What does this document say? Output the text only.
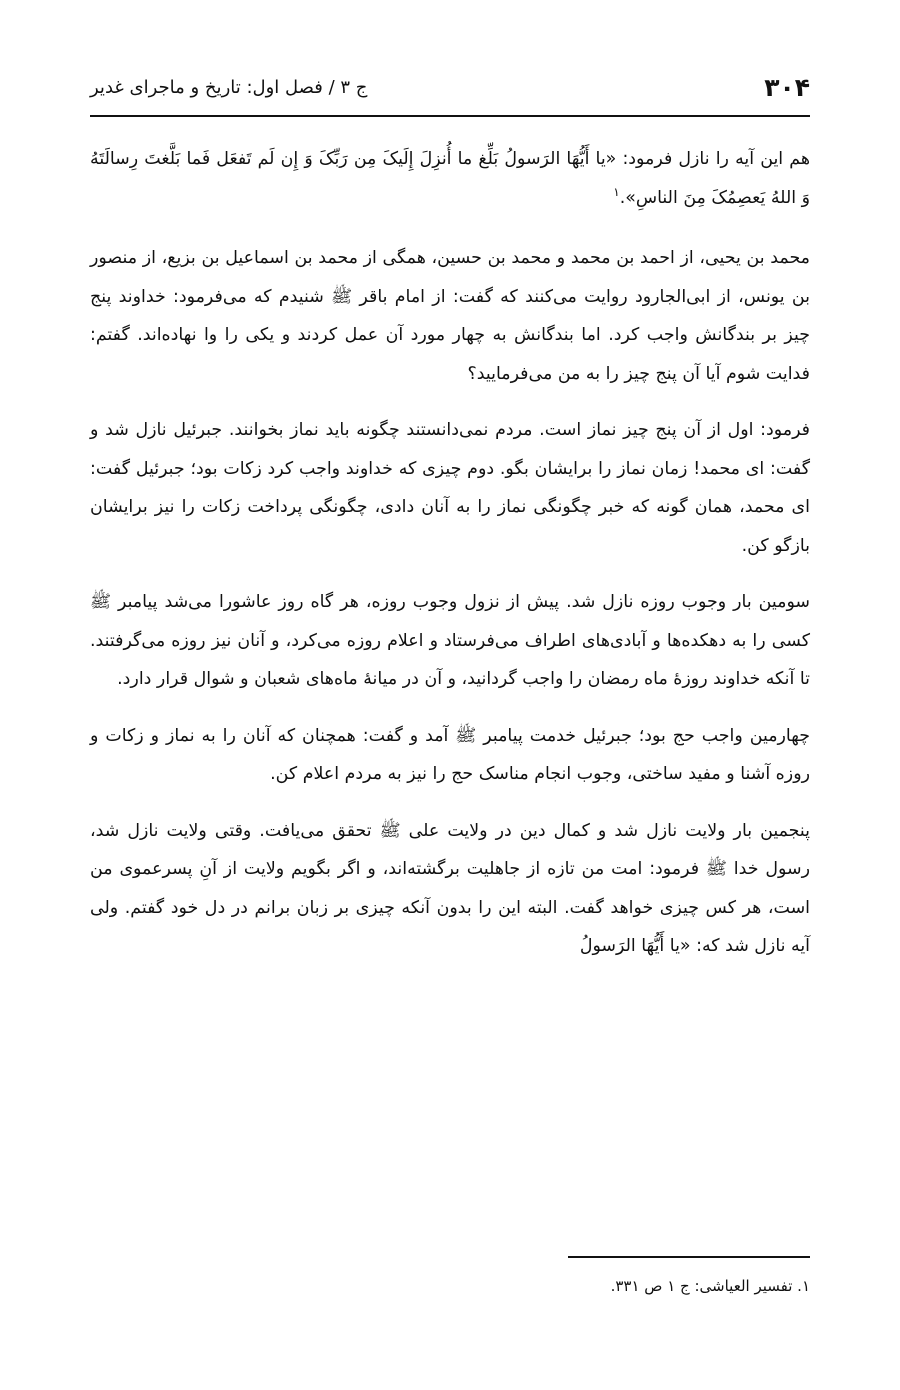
۳۰۴
ج ۳ / فصل اول: تاریخ و ماجرای غدیر

هم این آیه را نازل فرمود: «یا أَیُّهَا الرَسولُ بَلِّغ ما أُنزِلَ إِلَیکَ مِن رَبِّکَ وَ إِن لَم تَفعَل فَما بَلَّغتَ رِسالَتَهُ وَ اللهُ یَعصِمُکَ مِنَ الناسِ».$^۱$

محمد بن یحیی، از احمد بن محمد و محمد بن حسین، همگی از محمد بن اسماعیل بن بزیع، از منصور بن یونس، از ابی‌الجارود روایت می‌کنند که گفت: از امام باقر ﷺ شنیدم که می‌فرمود: خداوند پنج چیز بر بندگانش واجب کرد. اما بندگانش به چهار مورد آن عمل کردند و یکی را وا نهاده‌اند. گفتم: فدایت شوم آیا آن پنج چیز را به من می‌فرمایید؟

فرمود: اول از آن پنج چیز نماز است. مردم نمی‌دانستند چگونه باید نماز بخوانند. جبرئیل نازل شد و گفت: ای محمد! زمان نماز را برایشان بگو. دوم چیزی که خداوند واجب کرد زکات بود؛ جبرئیل گفت: ای محمد، همان گونه که خبر چگونگی نماز را به آنان دادی، چگونگی پرداخت زکات را نیز برایشان بازگو کن.

سومین بار وجوب روزه نازل شد. پیش از نزول وجوب روزه، هر گاه روز عاشورا می‌شد پیامبر ﷺ کسی را به دهکده‌ها و آبادی‌های اطراف می‌فرستاد و اعلام روزه می‌کرد، و آنان نیز روزه می‌گرفتند. تا آنکه خداوند روزهٔ ماه رمضان را واجب گردانید، و آن در میانهٔ ماه‌های شعبان و شوال قرار دارد.

چهارمین واجب حج بود؛ جبرئیل خدمت پیامبر ﷺ آمد و گفت: همچنان که آنان را به نماز و زکات و روزه آشنا و مفید ساختی، وجوب انجام مناسک حج را نیز به مردم اعلام کن.

پنجمین بار ولایت نازل شد و کمال دین در ولایت علی ﷺ تحقق می‌یافت. وقتی ولایت نازل شد، رسول خدا ﷺ فرمود: امت من تازه از جاهلیت برگشته‌اند، و اگر بگویم ولایت از آنِ پسرعموی من است، هر کس چیزی خواهد گفت. البته این را بدون آنکه چیزی بر زبان برانم در دل خود گفتم. ولی آیه نازل شد که: «یا أَیُّهَا الرَسولُ

۱. تفسیر العیاشی: ج ۱ ص ۳۳۱.
